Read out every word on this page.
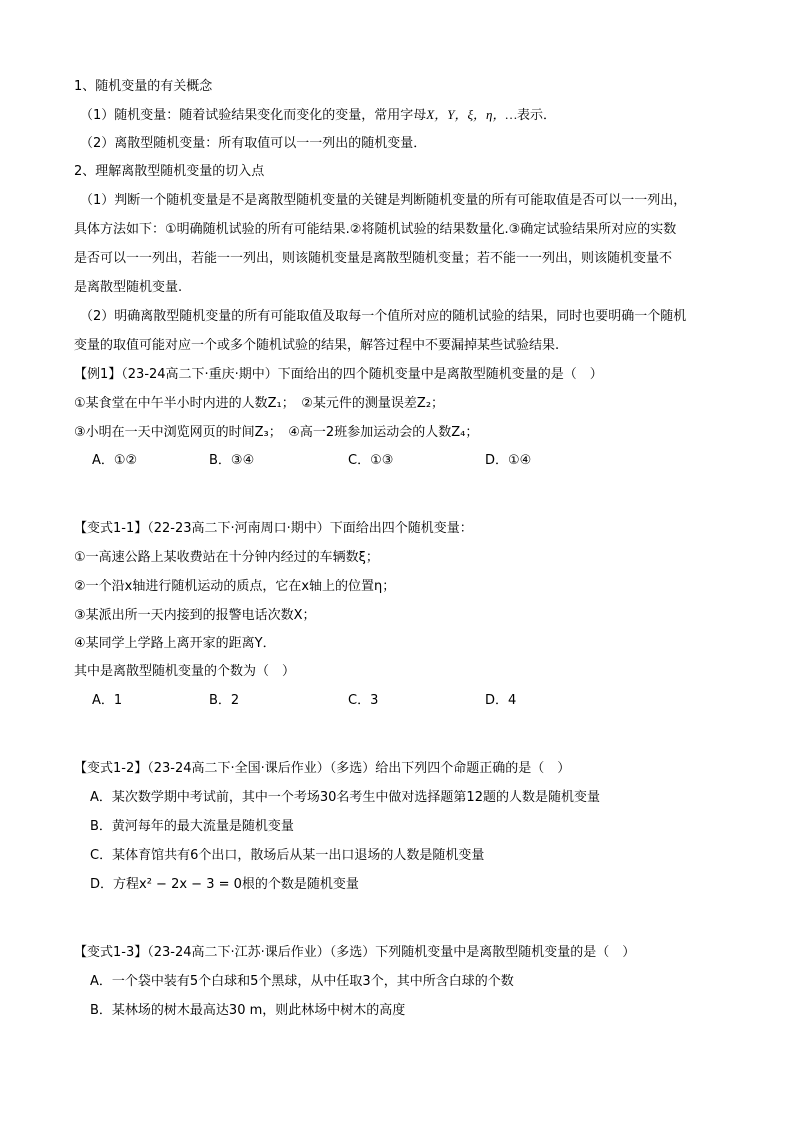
1、随机变量的有关概念
（1）随机变量：随着试验结果变化而变化的变量，常用字母X，Y，ξ，η，…表示．
（2）离散型随机变量：所有取值可以一一列出的随机变量．
2、理解离散型随机变量的切入点
（1）判断一个随机变量是不是离散型随机变量的关键是判断随机变量的所有可能取值是否可以一一列出，
具体方法如下：①明确随机试验的所有可能结果.②将随机试验的结果数量化.③确定试验结果所对应的实数
是否可以一一列出，若能一一列出，则该随机变量是离散型随机变量；若不能一一列出，则该随机变量不
是离散型随机变量.
（2）明确离散型随机变量的所有可能取值及取每一个值所对应的随机试验的结果，同时也要明确一个随机
变量的取值可能对应一个或多个随机试验的结果，解答过程中不要漏掉某些试验结果.
【例1】（23-24高二下·重庆·期中）下面给出的四个随机变量中是离散型随机变量的是（　）
①某食堂在中午半小时内进的人数Z₁；　②某元件的测量误差Z₂；
③小明在一天中浏览网页的时间Z₃；　④高一2班参加运动会的人数Z₄；
A．①②	B．③④	C．①③	D．①④
【变式1-1】（22-23高二下·河南周口·期中）下面给出四个随机变量：
①一高速公路上某收费站在十分钟内经过的车辆数ξ；
②一个沿x轴进行随机运动的质点，它在x轴上的位置η；
③某派出所一天内接到的报警电话次数X；
④某同学上学路上离开家的距离Y．
其中是离散型随机变量的个数为（　）
A．1	B．2	C．3	D．4
【变式1-2】（23-24高二下·全国·课后作业）（多选）给出下列四个命题正确的是（　）
A．某次数学期中考试前，其中一个考场30名考生中做对选择题第12题的人数是随机变量
B．黄河每年的最大流量是随机变量
C．某体育馆共有6个出口，散场后从某一出口退场的人数是随机变量
D．方程x² − 2x − 3 = 0根的个数是随机变量
【变式1-3】（23-24高二下·江苏·课后作业）（多选）下列随机变量中是离散型随机变量的是（　）
A．一个袋中装有5个白球和5个黑球，从中任取3个，其中所含白球的个数
B．某林场的树木最高达30 m，则此林场中树木的高度
